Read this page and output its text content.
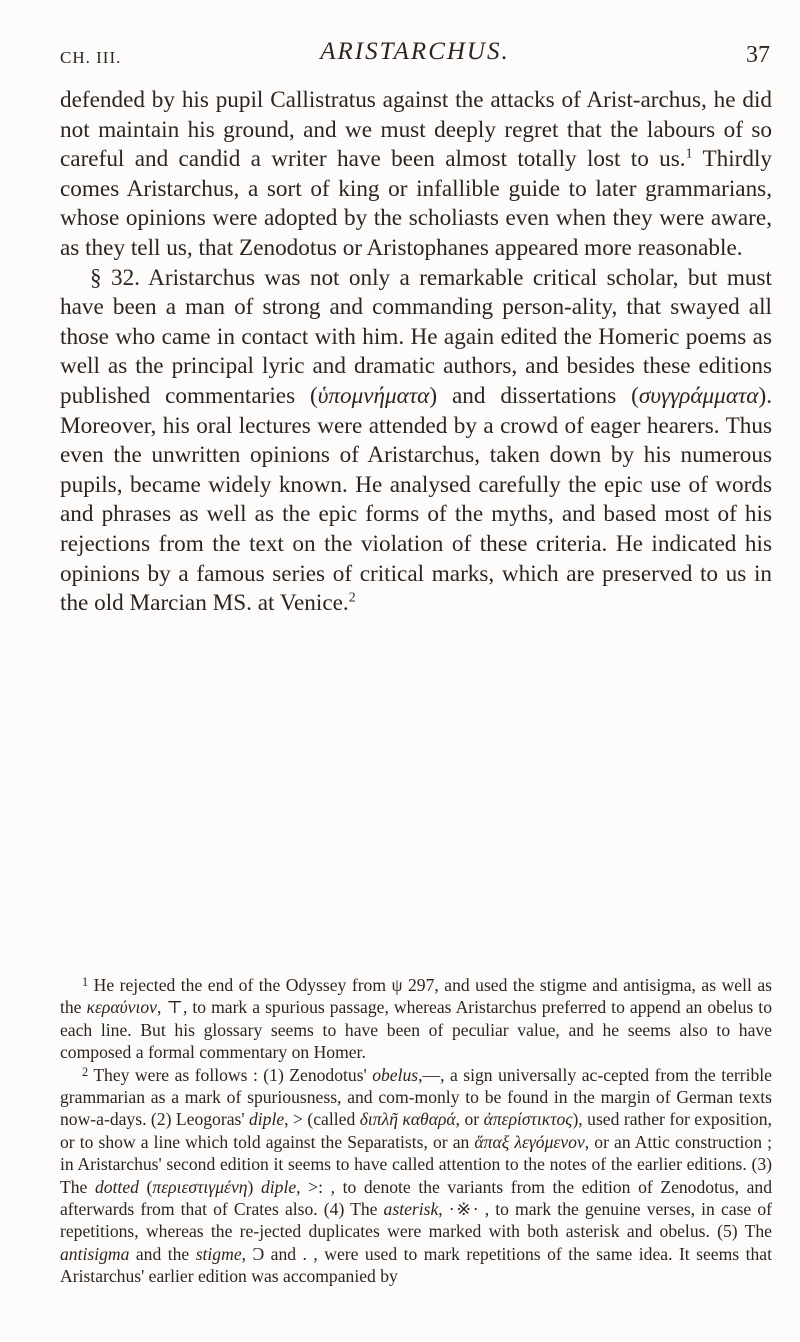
CH. III.	ARISTARCHUS.	37

defended by his pupil Callistratus against the attacks of Arist-archus, he did not maintain his ground, and we must deeply regret that the labours of so careful and candid a writer have been almost totally lost to us.$^1$ Thirdly comes Aristarchus, a sort of king or infallible guide to later grammarians, whose opinions were adopted by the scholiasts even when they were aware, as they tell us, that Zenodotus or Aristophanes appeared more reasonable.

§ 32. Aristarchus was not only a remarkable critical scholar, but must have been a man of strong and commanding person-ality, that swayed all those who came in contact with him. He again edited the Homeric poems as well as the principal lyric and dramatic authors, and besides these editions published commentaries (ὑπομνήματα) and dissertations (συγγράμματα). Moreover, his oral lectures were attended by a crowd of eager hearers. Thus even the unwritten opinions of Aristarchus, taken down by his numerous pupils, became widely known. He analysed carefully the epic use of words and phrases as well as the epic forms of the myths, and based most of his rejections from the text on the violation of these criteria. He indicated his opinions by a famous series of critical marks, which are preserved to us in the old Marcian MS. at Venice.$^2$

$^1$ He rejected the end of the Odyssey from ψ 297, and used the stigme and antisigma, as well as the κεραύνιον, ⊤, to mark a spurious passage, whereas Aristarchus preferred to append an obelus to each line. But his glossary seems to have been of peculiar value, and he seems also to have composed a formal commentary on Homer.

$^2$ They were as follows : (1) Zenodotus' obelus,—, a sign universally ac-cepted from the terrible grammarian as a mark of spuriousness, and com-monly to be found in the margin of German texts now-a-days. (2) Leogoras' diple, > (called διπλῆ καθαρά, or ἀπερίστικτος), used rather for exposition, or to show a line which told against the Separatists, or an ἅπαξ λεγόμενον, or an Attic construction ; in Aristarchus' second edition it seems to have called attention to the notes of the earlier editions. (3) The dotted (περιεστιγμένη) diple, >: , to denote the variants from the edition of Zenodotus, and afterwards from that of Crates also. (4) The asterisk, ·※· , to mark the genuine verses, in case of repetitions, whereas the re-jected duplicates were marked with both asterisk and obelus. (5) The antisigma and the stigme, Ɔ and . , were used to mark repetitions of the same idea. It seems that Aristarchus' earlier edition was accompanied by
